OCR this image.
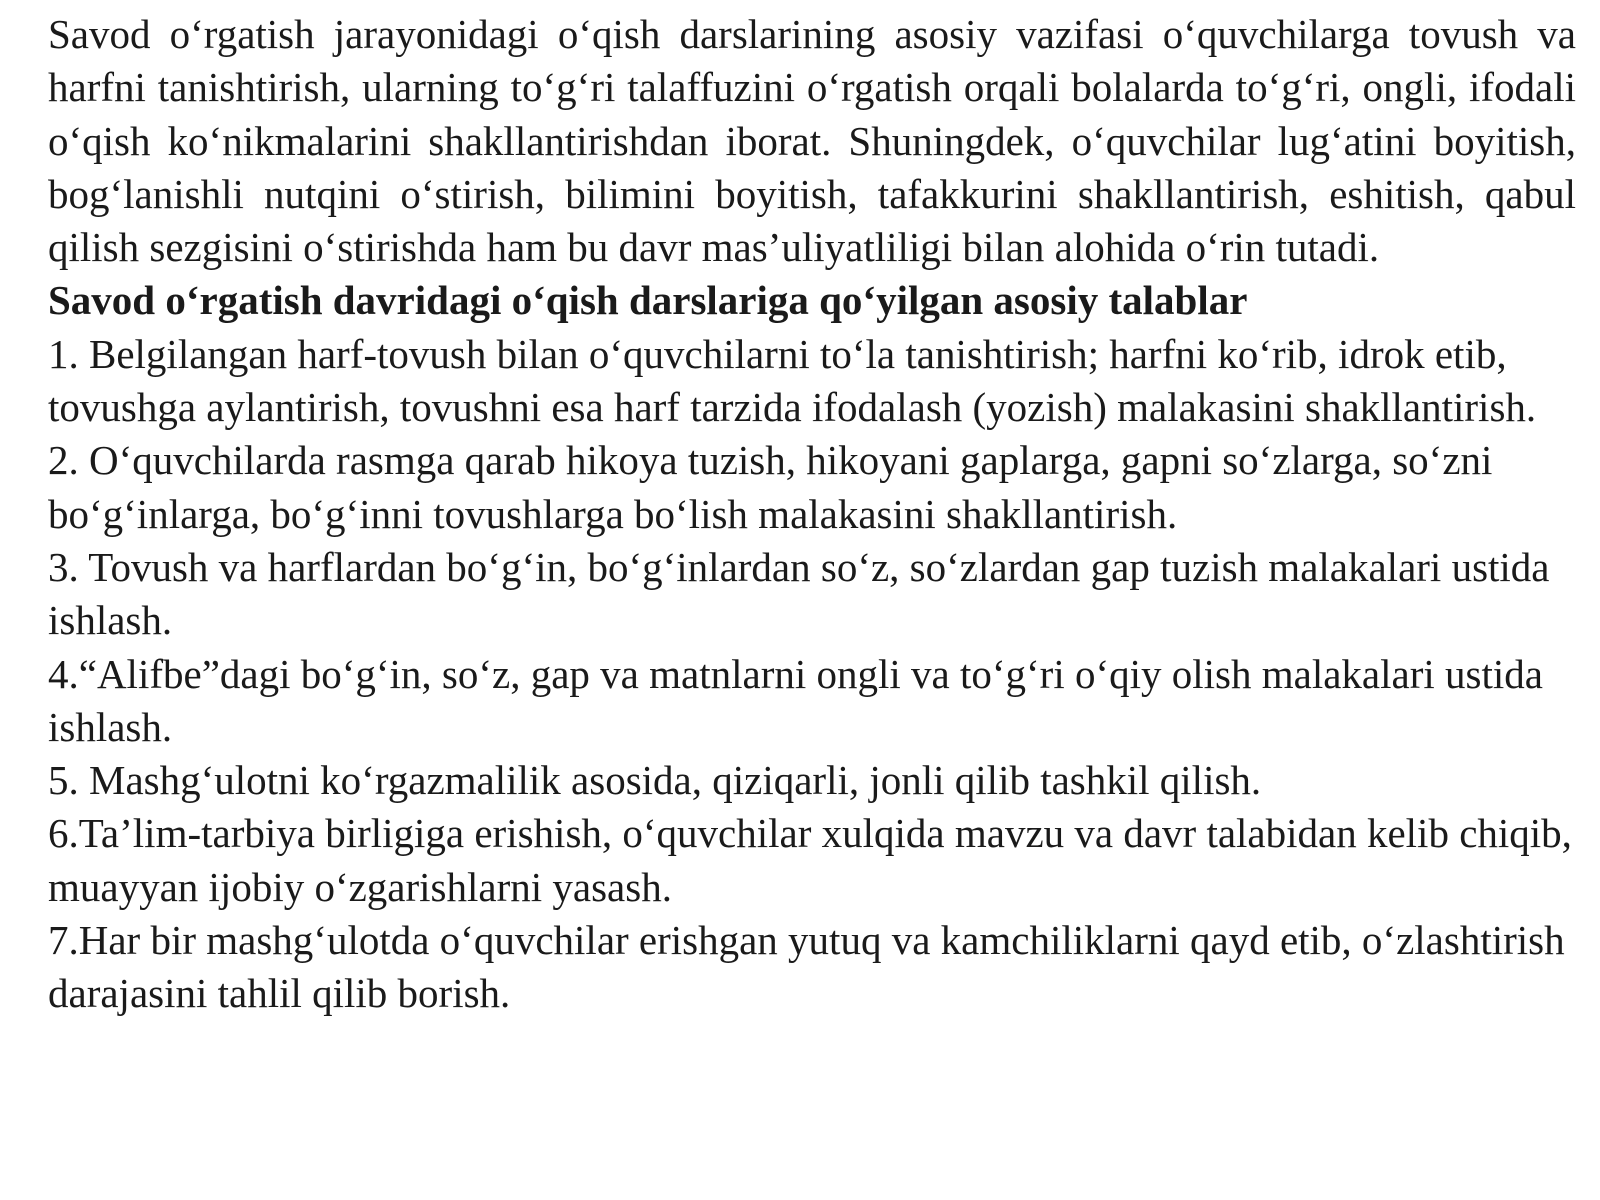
Savod o‘rgatish jarayonidagi o‘qish darslarining asosiy vazifasi o‘quvchilarga tovush va harfni tanishtirish, ularning to‘g‘ri talaffuzini o‘rgatish orqali bolalarda to‘g‘ri, ongli, ifodali o‘qish ko‘nikmalarini shakllantirishdan iborat. Shuningdek, o‘quvchilar lug‘atini boyitish, bog‘lanishli nutqini o‘stirish, bilimini boyitish, tafakkurini shakllantirish, eshitish, qabul qilish sezgisini o‘stirishda ham bu davr mas’uliyatliligi bilan alohida o‘rin tutadi.

Savod o‘rgatish davridagi o‘qish darslariga qo‘yilgan asosiy talablar

1. Belgilangan harf-tovush bilan o‘quvchilarni to‘la tanishtirish; harfni ko‘rib, idrok etib, tovushga aylantirish, tovushni esa harf tarzida ifodalash (yozish) malakasini shakllantirish.

2. O‘quvchilarda rasmga qarab hikoya tuzish, hikoyani gaplarga, gapni so‘zlarga, so‘zni bo‘g‘inlarga, bo‘g‘inni tovushlarga bo‘lish malakasini shakllantirish.

3. Tovush va harflardan bo‘g‘in, bo‘g‘inlardan so‘z, so‘zlardan gap tuzish malakalari ustida ishlash.

4.“Alifbe”dagi bo‘g‘in, so‘z, gap va matnlarni ongli va to‘g‘ri o‘qiy olish malakalari ustida ishlash.

5. Mashg‘ulotni ko‘rgazmalilik asosida, qiziqarli, jonli qilib tashkil qilish.

6.Ta’lim-tarbiya birligiga erishish, o‘quvchilar xulqida mavzu va davr talabidan kelib chiqib, muayyan ijobiy o‘zgarishlarni yasash.

7.Har bir mashg‘ulotda o‘quvchilar erishgan yutuq va kamchiliklarni qayd etib, o‘zlashtirish darajasini tahlil qilib borish.
